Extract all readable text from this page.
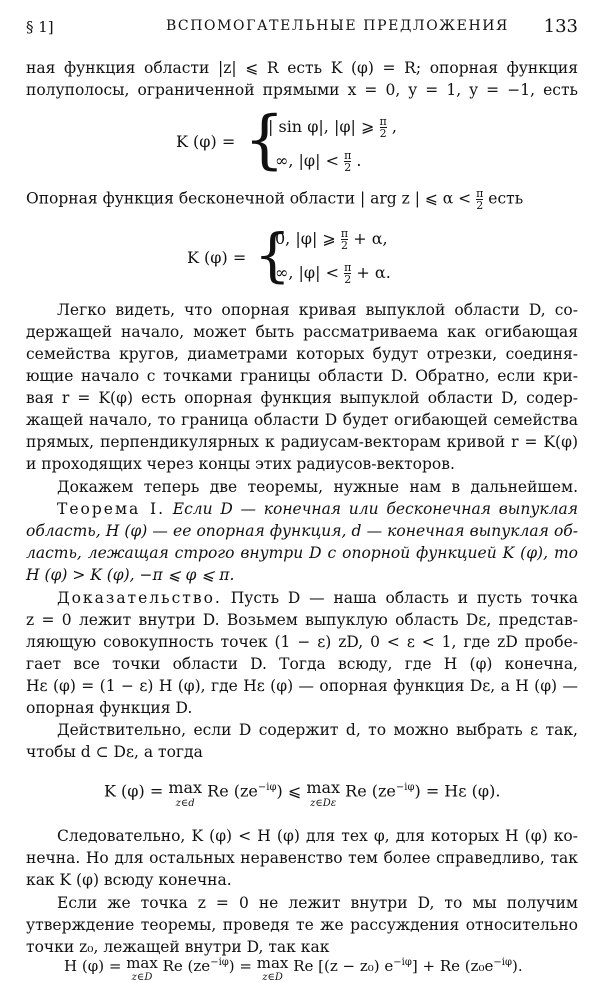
§ 1]	ВСПОМОГАТЕЛЬНЫЕ ПРЕДЛОЖЕНИЯ 133
ная функция области |z| ⩽ R есть K (φ) = R; опорная функция
полуполосы, ограниченной прямыми x = 0, y = 1, y = −1, есть
K (φ) = {
| sin φ|, |φ| ⩾ $\frac{\pi}{2}$ ,
∞, $|\varphi| < \frac{\pi}{2}$ .
Опорная функция бесконечной области | arg z | ⩽ $\alpha < \frac{\pi}{2}$ есть
K (φ) = {
0, |φ| ⩾ $\frac{\pi}{2} + \alpha$,
∞, $|\varphi| < \frac{\pi}{2} + \alpha$.
Легко видеть, что опорная кривая выпуклой области D, со-
держащей начало, может быть рассматриваема как огибающая
семейства кругов, диаметрами которых будут отрезки, соединя-
ющие начало с точками границы области D. Обратно, если кри-
вая r = K(φ) есть опорная функция выпуклой области D, содер-
жащей начало, то граница области D будет огибающей семейства
прямых, перпендикулярных к радиусам-векторам кривой r = K(φ)
и проходящих через концы этих радиусов-векторов.
Докажем теперь две теоремы, нужные нам в дальнейшем.
Теорема I. Если D — конечная или бесконечная выпуклая
область, H (φ) — ее опорная функция, d — конечная выпуклая об-
ласть, лежащая строго внутри D с опорной функцией K (φ), то
H (φ) > K (φ), −π ⩽ φ ⩽ π.
Доказательство. Пусть D — наша область и пусть точка
z = 0 лежит внутри D. Возьмем выпуклую область Dε, представ-
ляющую совокупность точек (1 − ε) zD, 0 < ε < 1, где zD пробе-
гает все точки области D. Тогда всюду, где H (φ) конечна,
Hε (φ) = (1 − ε) H (φ), где Hε (φ) — опорная функция Dε, а H (φ) —
опорная функция D.
Действительно, если D содержит d, то можно выбрать ε так,
чтобы d ⊂ Dε, а тогда
K (φ) = max
z∈d
Re $(ze^{-i\varphi})$ ⩽ max
z∈Dε
Re $(ze^{-i\varphi}) = H\varepsilon$ (φ).
Следовательно, K (φ) < H (φ) для тех φ, для которых H (φ) ко-
нечна. Но для остальных неравенство тем более справедливо, так
как K (φ) всюду конечна.
Если же точка z = 0 не лежит внутри D, то мы получим
утверждение теоремы, проведя те же рассуждения относительно
точки z₀, лежащей внутри D, так как
H (φ) = max
z∈D
Re $(ze^{-i\varphi}) = \max$
z∈D
Re [(z − z₀) $e^{-i\varphi}] + Re$ $(z_0e^{-i\varphi})$.
